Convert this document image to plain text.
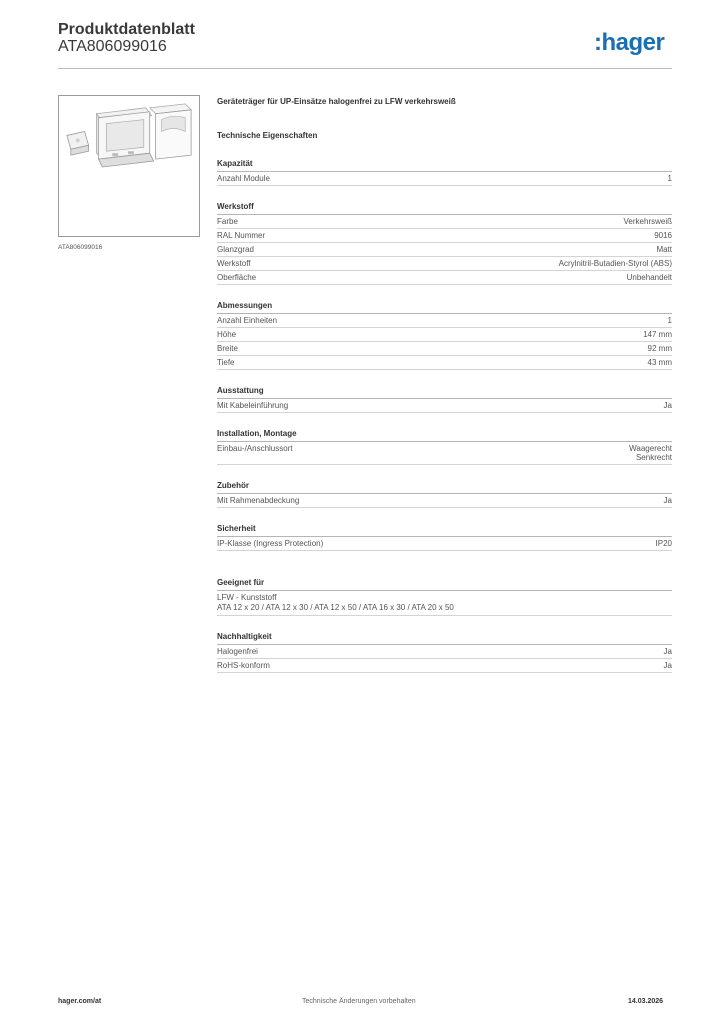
Produktdatenblatt
ATA806099016	:hager
ATA806099016
Geräteträger für UP-Einsätze halogenfrei zu LFW verkehrsweiß
Technische Eigenschaften
Kapazität
Anzahl Module	1
Werkstoff
Farbe	Verkehrsweiß
RAL Nummer	9016
Glanzgrad	Matt
Werkstoff	Acrylnitril-Butadien-Styrol (ABS)
Oberfläche	Unbehandelt
Abmessungen
Anzahl Einheiten	1
Höhe	147 mm
Breite	92 mm
Tiefe	43 mm
Ausstattung
Mit Kabeleinführung	Ja
Installation, Montage
Einbau-/Anschlussort	Waagerecht
Senkrecht
Zubehör
Mit Rahmenabdeckung	Ja
Sicherheit
IP-Klasse (Ingress Protection)	IP20
Geeignet für
LFW - Kunststoff
ATA 12 x 20 / ATA 12 x 30 / ATA 12 x 50 / ATA 16 x 30 / ATA 20 x 50
Nachhaltigkeit
Halogenfrei	Ja
RoHS-konform	Ja
hager.com/at	Technische Änderungen vorbehalten	14.03.2026
